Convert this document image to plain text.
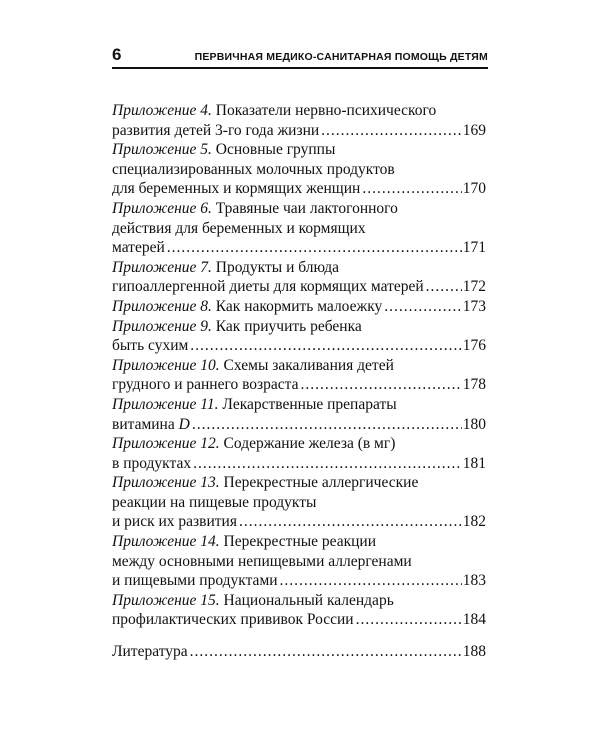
6	ПЕРВИЧНАЯ МЕДИКО-САНИТАРНАЯ ПОМОЩЬ ДЕТЯМ
Приложение 4.
Показатели нервно-психического
развития детей 3-го года жизни .....	169
Приложение 5.
Основные группы
специализированных молочных продуктов
для беременных и кормящих женщин .....	170
Приложение 6.
Травяные чаи лактогонного
действия для беременных и кормящих
матерей .....	171
Приложение 7.
Продукты и блюда
гипоаллергенной диеты для кормящих матерей .....	172
Приложение 8.
Как накормить малоежку .....	173
Приложение 9.
Как приучить ребенка
быть сухим .....	176
Приложение 10.
Схемы закаливания детей
грудного и раннего возраста .....	178
Приложение 11.
Лекарственные препараты
витамина
D .....	180
Приложение 12.
Содержание железа (в мг)
в продуктах .....	181
Приложение 13.
Перекрестные аллергические
реакции на пищевые продукты
и риск их развития .....	182
Приложение 14.
Перекрестные реакции
между основными непищевыми аллергенами
и пищевыми продуктами .....	183
Приложение 15.
Национальный календарь
профилактических прививок России .....	184
Литература .....	188
